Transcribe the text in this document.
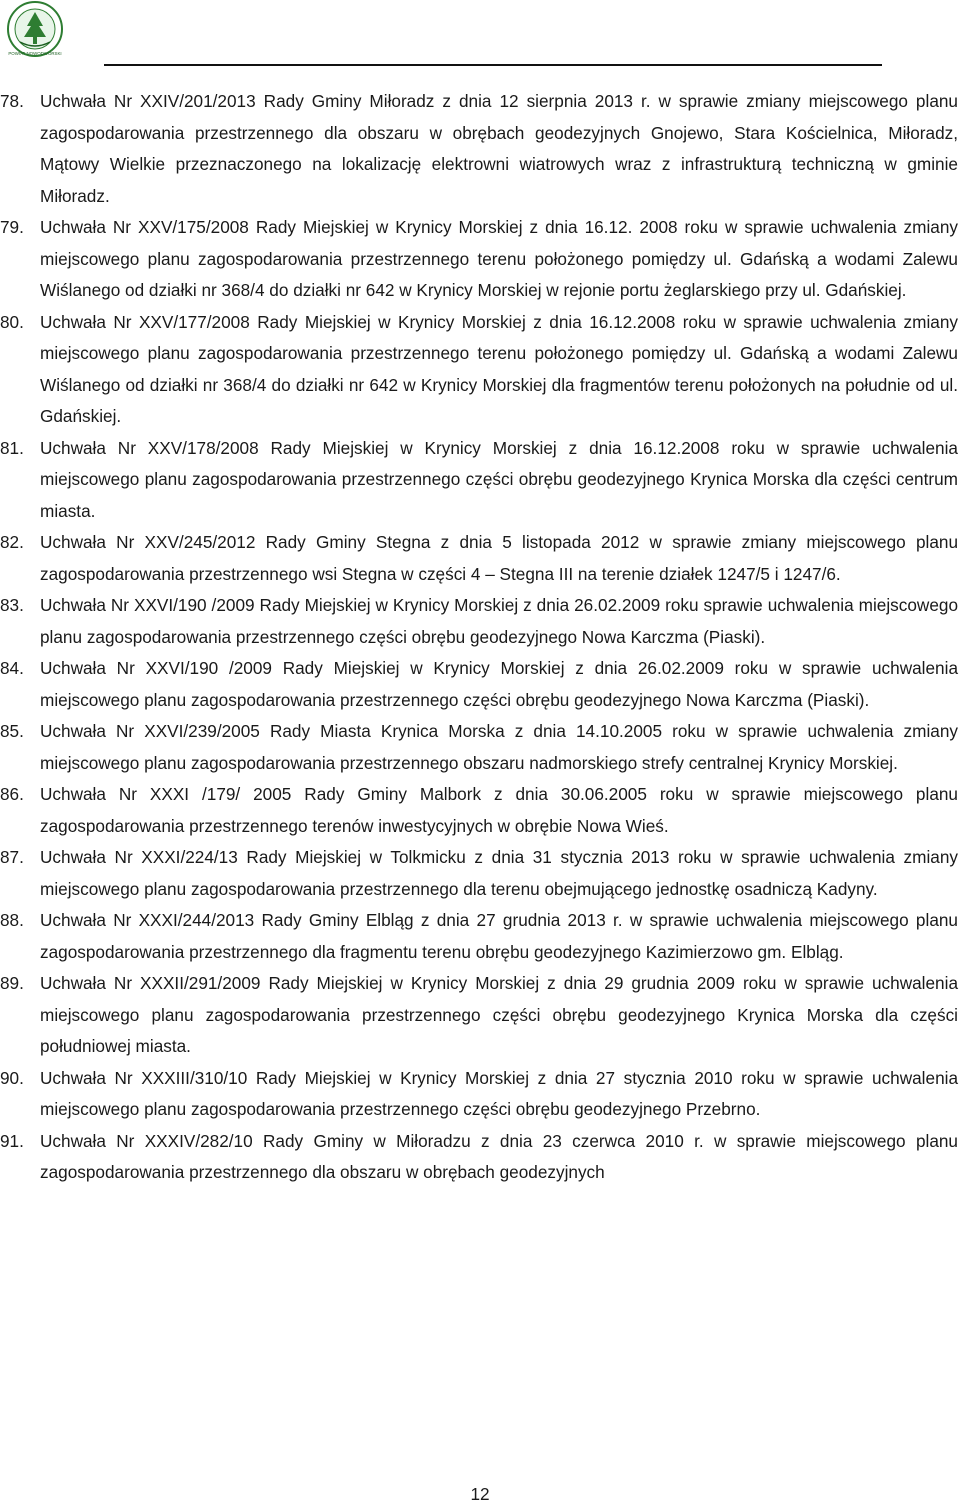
POWIAT NOWODWORSKI
78. Uchwała Nr XXIV/201/2013 Rady Gminy Miłoradz z dnia 12 sierpnia 2013 r. w sprawie zmiany miejscowego planu zagospodarowania przestrzennego dla obszaru w obrębach geodezyjnych Gnojewo, Stara Kościelnica, Miłoradz, Mątowy Wielkie przeznaczonego na lokalizację elektrowni wiatrowych wraz z infrastrukturą techniczną w gminie Miłoradz.
79. Uchwała Nr XXV/175/2008 Rady Miejskiej w Krynicy Morskiej z dnia 16.12. 2008 roku w sprawie uchwalenia zmiany miejscowego planu zagospodarowania przestrzennego terenu położonego pomiędzy ul. Gdańską a wodami Zalewu Wiślanego od działki nr 368/4 do działki nr 642 w Krynicy Morskiej w rejonie portu żeglarskiego przy ul. Gdańskiej.
80. Uchwała Nr XXV/177/2008 Rady Miejskiej w Krynicy Morskiej z dnia 16.12.2008 roku w sprawie uchwalenia zmiany miejscowego planu zagospodarowania przestrzennego terenu położonego pomiędzy ul. Gdańską a wodami Zalewu Wiślanego od działki nr 368/4 do działki nr 642 w Krynicy Morskiej dla fragmentów terenu położonych na południe od ul. Gdańskiej.
81. Uchwała Nr XXV/178/2008 Rady Miejskiej w Krynicy Morskiej z dnia 16.12.2008 roku w sprawie uchwalenia miejscowego planu zagospodarowania przestrzennego części obrębu geodezyjnego Krynica Morska dla części centrum miasta.
82. Uchwała Nr XXV/245/2012 Rady Gminy Stegna z dnia 5 listopada 2012 w sprawie zmiany miejscowego planu zagospodarowania przestrzennego wsi Stegna w części 4 – Stegna III na terenie działek 1247/5 i 1247/6.
83. Uchwała Nr XXVI/190 /2009 Rady Miejskiej w Krynicy Morskiej z dnia 26.02.2009 roku sprawie uchwalenia miejscowego planu zagospodarowania przestrzennego części obrębu geodezyjnego Nowa Karczma (Piaski).
84. Uchwała Nr XXVI/190 /2009 Rady Miejskiej w Krynicy Morskiej z dnia 26.02.2009 roku w sprawie uchwalenia miejscowego planu zagospodarowania przestrzennego części obrębu geodezyjnego Nowa Karczma (Piaski).
85. Uchwała Nr XXVI/239/2005 Rady Miasta Krynica Morska z dnia 14.10.2005 roku w sprawie uchwalenia zmiany miejscowego planu zagospodarowania przestrzennego obszaru nadmorskiego strefy centralnej Krynicy Morskiej.
86. Uchwała Nr XXXI /179/ 2005 Rady Gminy Malbork z dnia 30.06.2005 roku w sprawie miejscowego planu zagospodarowania przestrzennego terenów inwestycyjnych w obrębie Nowa Wieś.
87. Uchwała Nr XXXI/224/13 Rady Miejskiej w Tolkmicku z dnia 31 stycznia 2013 roku w sprawie uchwalenia zmiany miejscowego planu zagospodarowania przestrzennego dla terenu obejmującego jednostkę osadniczą Kadyny.
88. Uchwała Nr XXXI/244/2013 Rady Gminy Elbląg z dnia 27 grudnia 2013 r. w sprawie uchwalenia miejscowego planu zagospodarowania przestrzennego dla fragmentu terenu obrębu geodezyjnego Kazimierzowo gm. Elbląg.
89. Uchwała Nr XXXII/291/2009 Rady Miejskiej w Krynicy Morskiej z dnia 29 grudnia 2009 roku w sprawie uchwalenia miejscowego planu zagospodarowania przestrzennego części obrębu geodezyjnego Krynica Morska dla części południowej miasta.
90. Uchwała Nr XXXIII/310/10 Rady Miejskiej w Krynicy Morskiej z dnia 27 stycznia 2010 roku w sprawie uchwalenia miejscowego planu zagospodarowania przestrzennego części obrębu geodezyjnego Przebrno.
91. Uchwała Nr XXXIV/282/10 Rady Gminy w Miłoradzu z dnia 23 czerwca 2010 r. w sprawie miejscowego planu zagospodarowania przestrzennego dla obszaru w obrębach geodezyjnych
12
